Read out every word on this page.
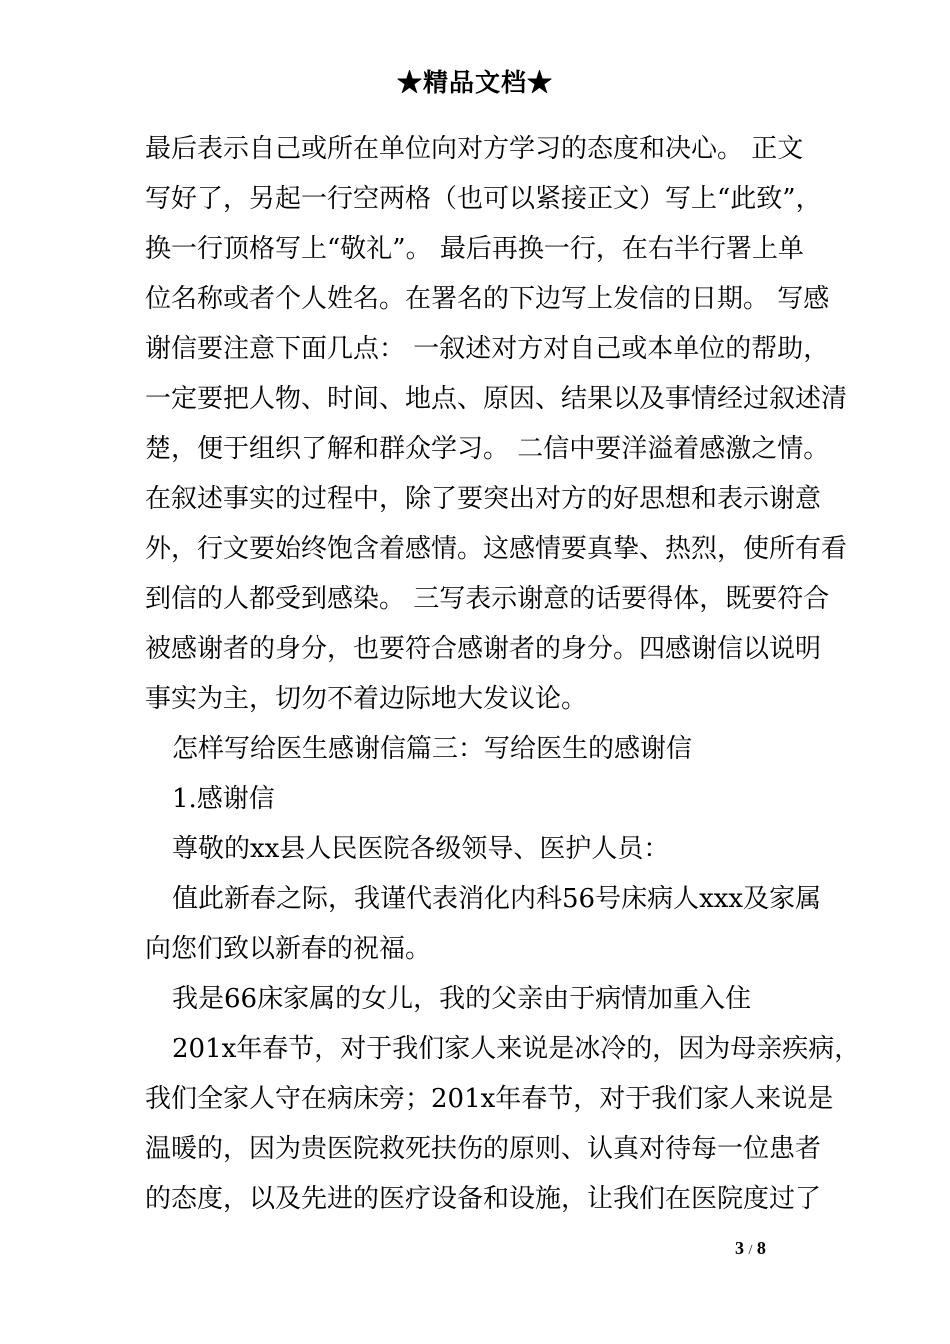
★精品文档★
最后表示自己或所在单位向对方学习的态度和决心。 正文
写好了，另起一行空两格（也可以紧接正文）写上“此致”，
换一行顶格写上“敬礼”。 最后再换一行，在右半行署上单
位名称或者个人姓名。在署名的下边写上发信的日期。 写感
谢信要注意下面几点： 一叙述对方对自己或本单位的帮助，
一定要把人物、时间、地点、原因、结果以及事情经过叙述清
楚，便于组织了解和群众学习。 二信中要洋溢着感激之情。
在叙述事实的过程中，除了要突出对方的好思想和表示谢意
外，行文要始终饱含着感情。这感情要真挚、热烈，使所有看
到信的人都受到感染。 三写表示谢意的话要得体，既要符合
被感谢者的身分，也要符合感谢者的身分。四感谢信以说明
事实为主，切勿不着边际地大发议论。
怎样写给医生感谢信篇三：写给医生的感谢信
1.感谢信
尊敬的xx县人民医院各级领导、医护人员：
值此新春之际，我谨代表消化内科56号床病人xxx及家属
向您们致以新春的祝福。
我是66床家属的女儿，我的父亲由于病情加重入住
201x年春节，对于我们家人来说是冰冷的，因为母亲疾病，
我们全家人守在病床旁；201x年春节，对于我们家人来说是
温暖的，因为贵医院救死扶伤的原则、认真对待每一位患者
的态度，以及先进的医疗设备和设施，让我们在医院度过了
3 / 8
